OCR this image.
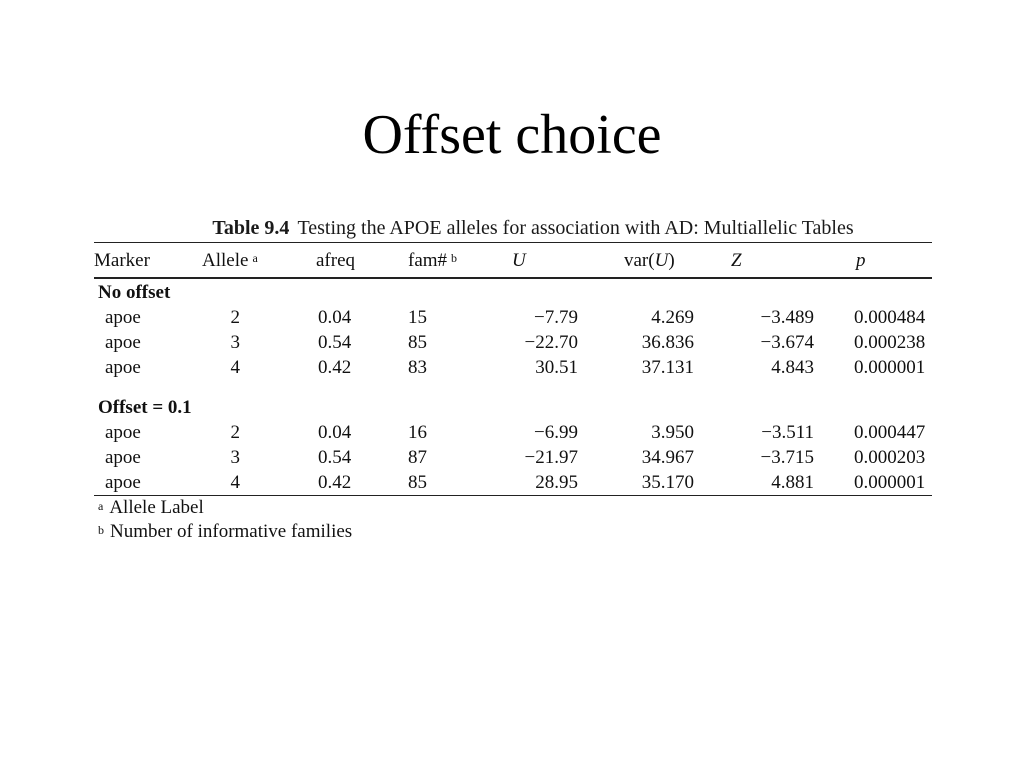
Offset choice
Table 9.4 Testing the APOE alleles for association with AD: Multiallelic Tables
Marker	Allele $^a$	afreq	fam# $^b$	U	var(U)	Z	p
No offset
apoe	2	0.04	15	−7.79	4.269	−3.489 0.000484
apoe	3	0.54	85	−22.70	36.836	−3.674 0.000238
apoe	4	0.42	83	30.51	37.131	4.843 0.000001
Offset = 0.1
apoe	2	0.04	16	−6.99	3.950	−3.511 0.000447
apoe	3	0.54	87	−21.97	34.967	−3.715 0.000203
apoe	4	0.42	85	28.95	35.170	4.881 0.000001
$^a$ Allele Label
$^b$ Number of informative families
